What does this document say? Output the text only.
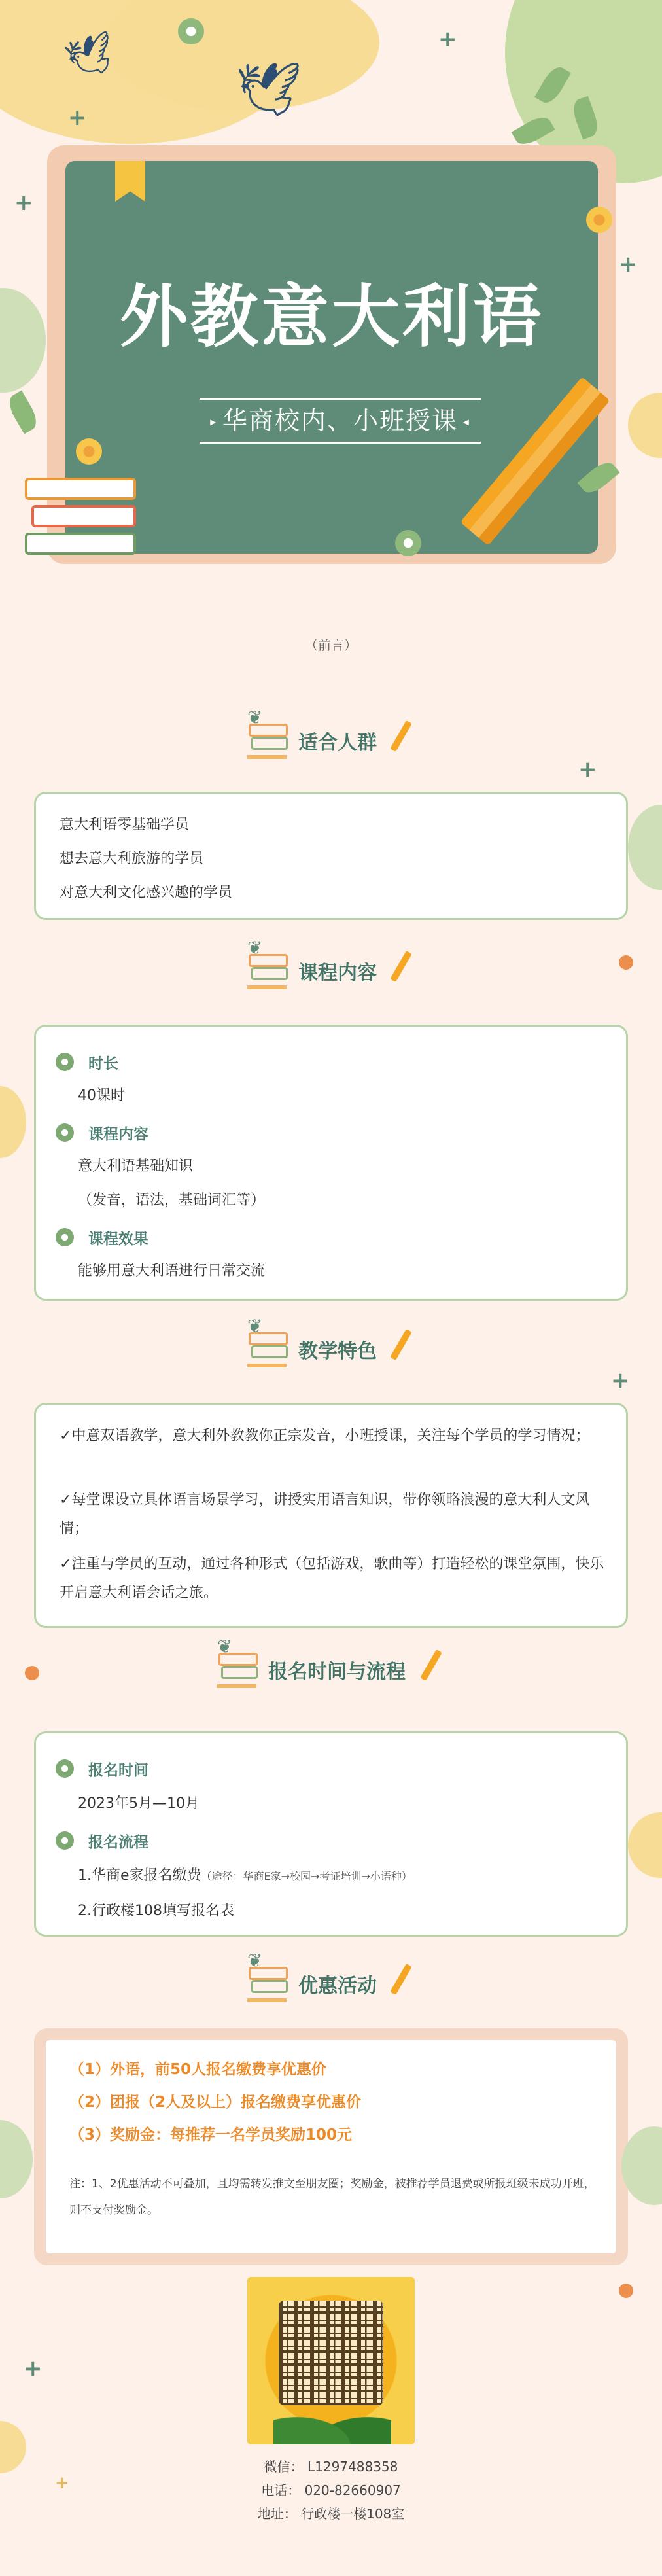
🕊
🕊
+
+
+
+
外教意大利语
▸ 华商校内、小班授课 ◂
（前言）
❦
适合人群
+
意大利语零基础学员
想去意大利旅游的学员
对意大利文化感兴趣的学员
❦
课程内容
时长
40课时
课程内容
意大利语基础知识
（发音，语法，基础词汇等）
课程效果
能够用意大利语进行日常交流
❦
教学特色
+
✓中意双语教学，意大利外教教你正宗发音，小班授课，关注每个学员的学习情况；
✓每堂课设立具体语言场景学习，讲授实用语言知识，带你领略浪漫的意大利人文风情；
✓注重与学员的互动，通过各种形式（包括游戏，歌曲等）打造轻松的课堂氛围，快乐开启意大利语会话之旅。
❦
报名时间与流程
报名时间
2023年5月—10月
报名流程
1.华商e家报名缴费（途径：华商E家→校园→考证培训→小语种）
2.行政楼108填写报名表
❦
优惠活动
（1）外语，前50人报名缴费享优惠价
（2）团报（2人及以上）报名缴费享优惠价
（3）奖励金：每推荐一名学员奖励100元
注：1、2优惠活动不可叠加，且均需转发推文至朋友圈；奖励金，被推荐学员退费或所报班级未成功开班，则不支付奖励金。
+
+
微信： L1297488358
电话： 020-82660907
地址： 行政楼一楼108室
